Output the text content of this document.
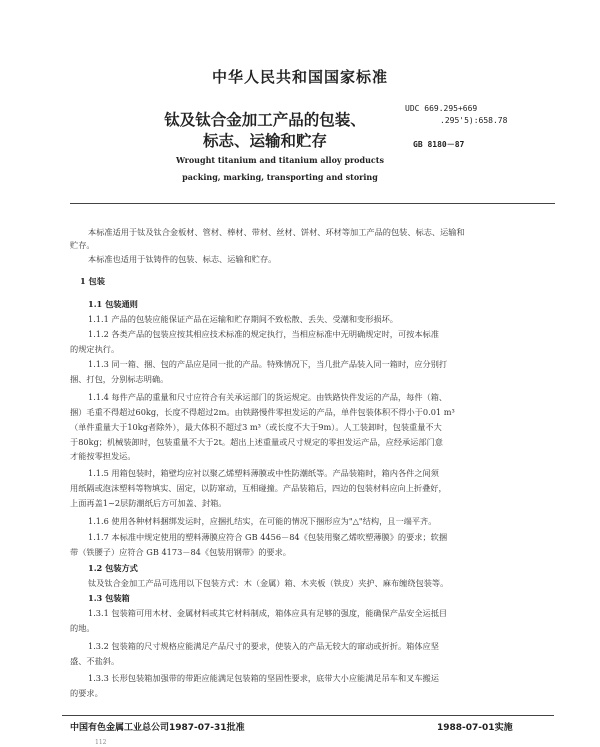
中华人民共和国国家标准
钛及钛合金加工产品的包装、
标志、运输和贮存
Wrought titanium and titanium alloy products
packing, marking, transporting and storing
UDC 669.295+669
.295'5):658.78
GB 8180－87
本标准适用于钛及钛合金板材、管材、棒材、带材、丝材、饼材、环材等加工产品的包装、标志、运输和
贮存。
本标准也适用于钛铸件的包装、标志、运输和贮存。
1 包装
1.1 包装通则
1.1.1 产品的包装应能保证产品在运输和贮存期间不致松散、丢失、受潮和变形损坏。
1.1.2 各类产品的包装应按其相应技术标准的规定执行，当相应标准中无明确规定时，可按本标准
的规定执行。
1.1.3 同一箱、捆、包的产品应是同一批的产品。特殊情况下，当几批产品装入同一箱时，应分别打
捆、打包，分别标志明确。
1.1.4 每件产品的重量和尺寸应符合有关承运部门的货运规定。由铁路快件发运的产品，每件（箱、
捆）毛重不得超过60kg，长度不得超过2m。由铁路慢件零担发运的产品，单件包装体积不得小于0.01 m³
（单件重量大于10kg者除外），最大体积不超过3 m³（或长度不大于9m）。人工装卸时，包装重量不大
于80kg；机械装卸时，包装重量不大于2t。超出上述重量或尺寸规定的零担发运产品，应经承运部门意
才能按零担发运。
1.1.5 用箱包装时，箱壁均应衬以聚乙烯塑料薄膜或中性防潮纸等。产品装箱时，箱内各件之间须
用纸隔或泡沫塑料等物填实、固定，以防窜动，互相碰撞。产品装箱后，四边的包装材料应向上折叠好，
上面再盖1~2层防潮纸后方可加盖、封箱。
1.1.6 使用各种材料捆绑发运时，应捆扎结实，在可能的情况下捆形应为"△"结构，且一端平齐。
1.1.7 本标准中规定使用的塑料薄膜应符合 GB 4456－84《包装用聚乙烯吹塑薄膜》的要求；软捆
带（铁腰子）应符合 GB 4173－84《包装用钢带》的要求。
1.2 包装方式
钛及钛合金加工产品可选用以下包装方式：木（金属）箱、木夹板（铁皮）夹护、麻布缠绕包装等。
1.3 包装箱
1.3.1 包装箱可用木材、金属材料或其它材料制成，箱体应具有足够的强度，能确保产品安全运抵目
的地。
1.3.2 包装箱的尺寸规格应能满足产品尺寸的要求，使装入的产品无较大的窜动或折折。箱体应坚
盛、不盐斜。
1.3.3 长形包装箱加强带的带距应能满足包装箱的坚固性要求，底带大小应能满足吊车和叉车搬运
的要求。
中国有色金属工业总公司1987-07-31批准	1988-07-01实施
112
